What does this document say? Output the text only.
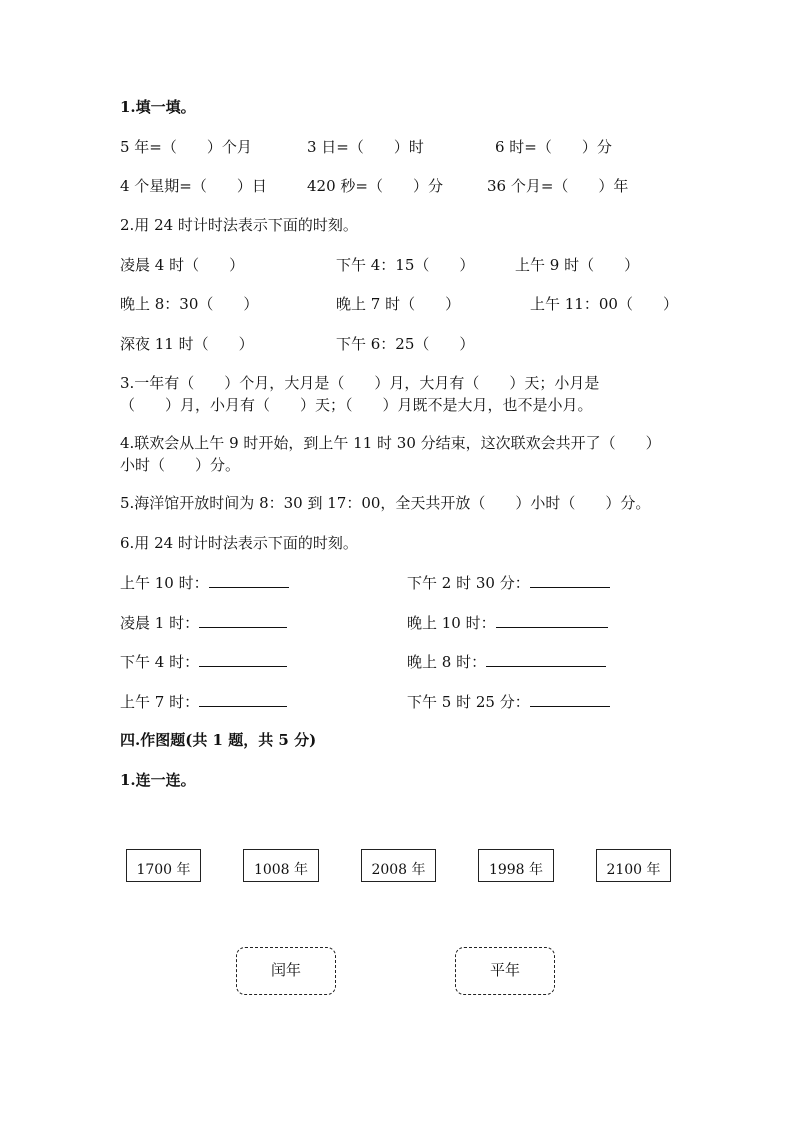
1.填一填。
5 年=（　　）个月	3 日=（　　）时	6 时=（　　）分
4 个星期=（　　）日	420 秒=（　　）分	36 个月=（　　）年
2.用 24 时计时法表示下面的时刻。
凌晨 4 时（　　）	下午 4：15（　　）	上午 9 时（　　）
晚上 8：30（　　）	晚上 7 时（　　）	上午 11：00（　　）
深夜 11 时（　　）	下午 6：25（　　）
3.一年有（　　）个月，大月是（　　）月，大月有（　　）天；小月是
（　　）月，小月有（　　）天；（　　）月既不是大月，也不是小月。
4.联欢会从上午 9 时开始，到上午 11 时 30 分结束，这次联欢会共开了（　　）
小时（　　）分。
5.海洋馆开放时间为 8：30 到 17：00，全天共开放（　　）小时（　　）分。
6.用 24 时计时法表示下面的时刻。
上午 10 时：	下午 2 时 30 分：
凌晨 1 时：	晚上 10 时：
下午 4 时：	晚上 8 时：
上午 7 时：	下午 5 时 25 分：
四.作图题(共 1 题，共 5 分)
1.连一连。
1700 年	1008 年	2008 年	1998 年	2100 年
闰年	平年
